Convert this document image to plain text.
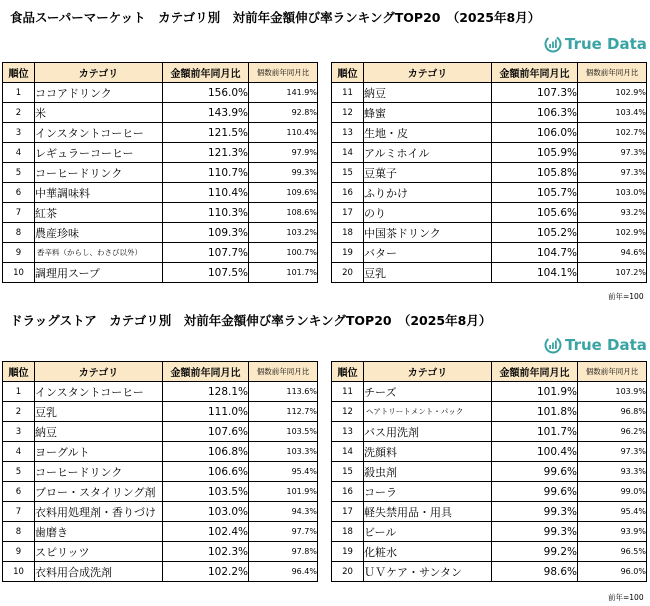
食品スーパーマーケット　カテゴリ別　対前年金額伸び率ランキングTOP20　（2025年8月）
True Data
順位	カテゴリ	金額前年同月比	個数前年同月比
1	ココアドリンク	156.0%	141.9%
2	米	143.9%	92.8%
3	インスタントコーヒー	121.5%	110.4%
4	レギュラーコーヒー	121.3%	97.9%
5	コーヒードリンク	110.7%	99.3%
6	中華調味料	110.4%	109.6%
7	紅茶	110.3%	108.6%
8	農産珍味	109.3%	103.2%
9	香辛料（からし、わさび以外）	107.7%	100.7%
10	調理用スープ	107.5%	101.7%
順位	カテゴリ	金額前年同月比	個数前年同月比
11	納豆	107.3%	102.9%
12	蜂蜜	106.3%	103.4%
13	生地・皮	106.0%	102.7%
14	アルミホイル	105.9%	97.3%
15	豆菓子	105.8%	97.3%
16	ふりかけ	105.7%	103.0%
17	のり	105.6%	93.2%
18	中国茶ドリンク	105.2%	102.9%
19	バター	104.7%	94.6%
20	豆乳	104.1%	107.2%
前年=100
ドラッグストア　カテゴリ別　対前年金額伸び率ランキングTOP20　（2025年8月）
True Data
順位	カテゴリ	金額前年同月比	個数前年同月比
1	インスタントコーヒー	128.1%	113.6%
2	豆乳	111.0%	112.7%
3	納豆	107.6%	103.5%
4	ヨーグルト	106.8%	103.3%
5	コーヒードリンク	106.6%	95.4%
6	ブロー・スタイリング剤	103.5%	101.9%
7	衣料用処理剤・香りづけ	103.0%	94.3%
8	歯磨き	102.4%	97.7%
9	スピリッツ	102.3%	97.8%
10	衣料用合成洗剤	102.2%	96.4%
順位	カテゴリ	金額前年同月比	個数前年同月比
11	チーズ	101.9%	103.9%
12	ヘアトリートメント・パック	101.8%	96.8%
13	バス用洗剤	101.7%	96.2%
14	洗顔料	100.4%	97.3%
15	殺虫剤	99.6%	93.3%
16	コーラ	99.6%	99.0%
17	軽失禁用品・用具	99.3%	95.4%
18	ビール	99.3%	93.9%
19	化粧水	99.2%	96.5%
20	ＵＶケア・サンタン	98.6%	96.0%
前年=100
